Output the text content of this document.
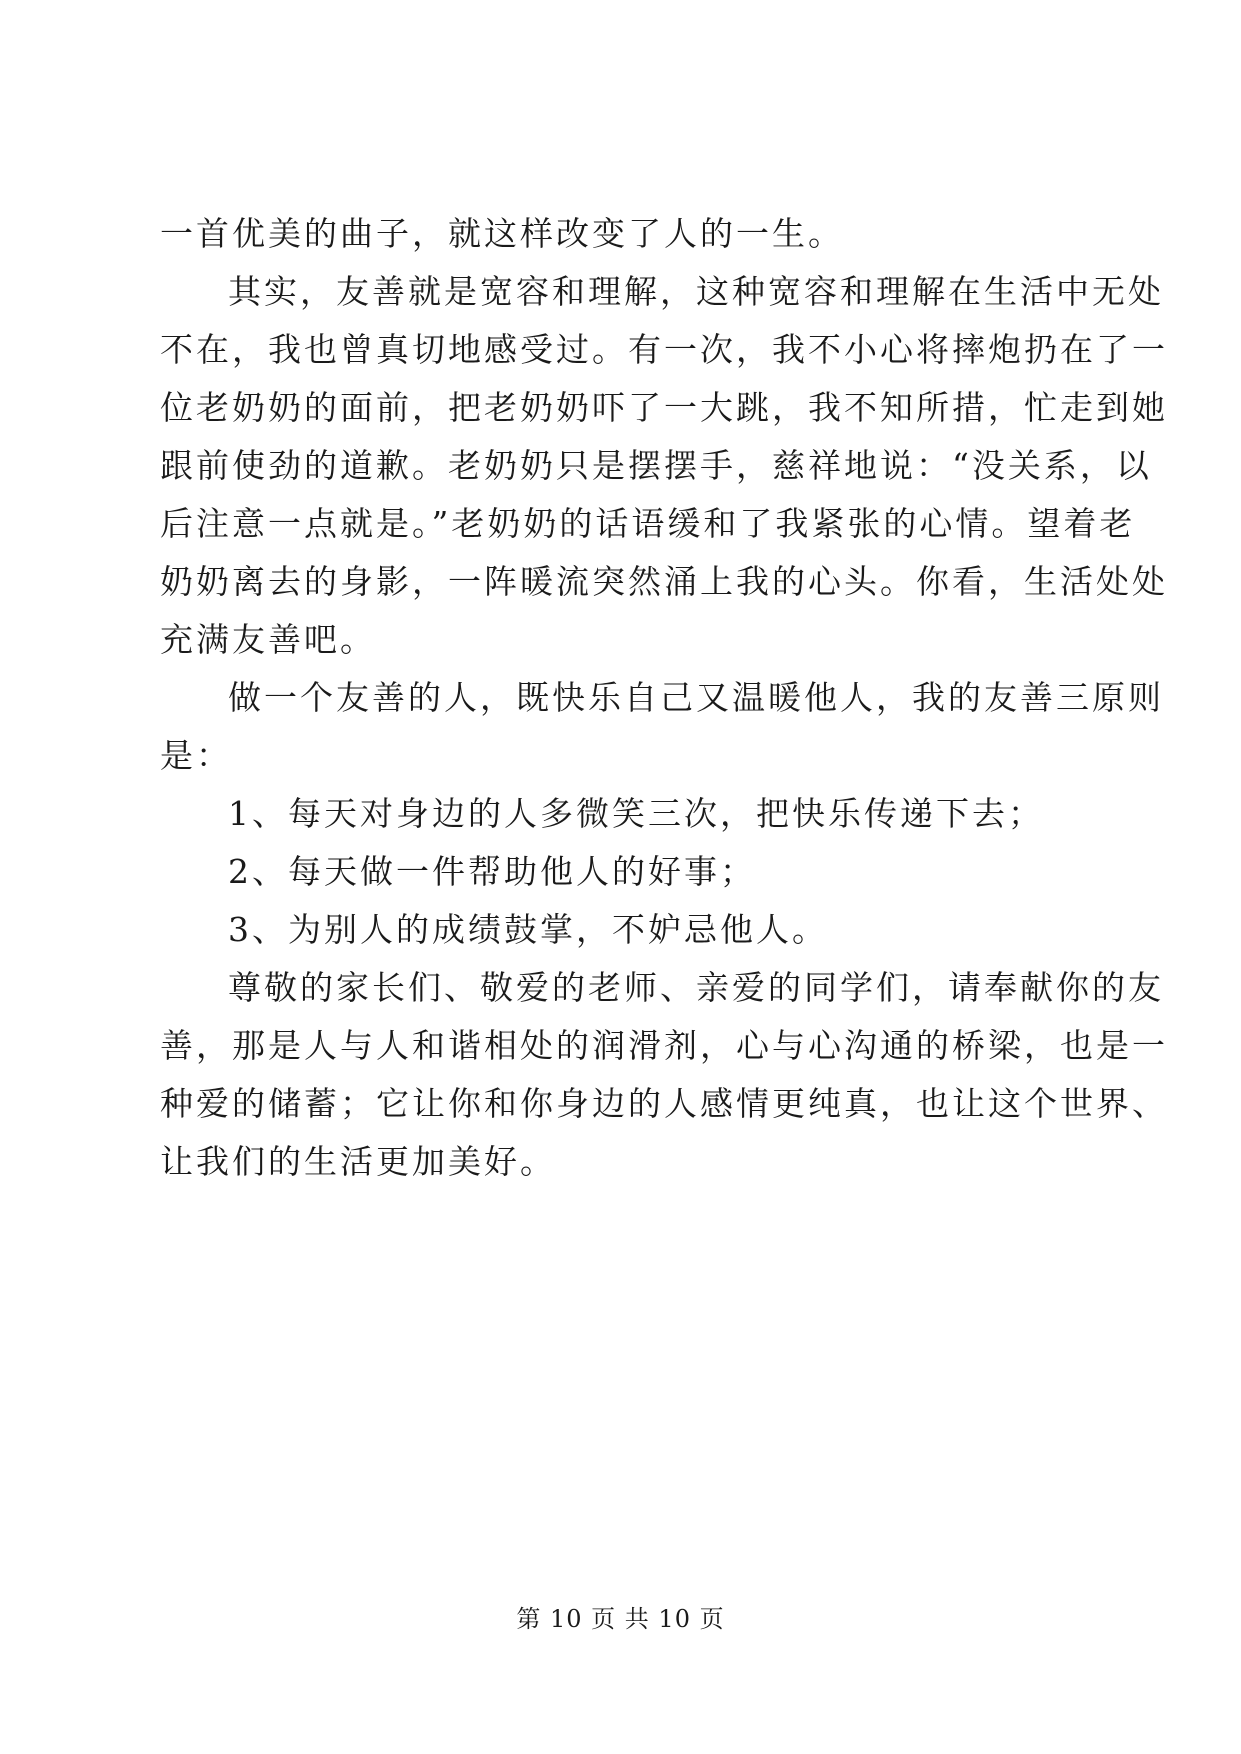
一首优美的曲子，就这样改变了人的一生。
其实，友善就是宽容和理解，这种宽容和理解在生活中无处
不在，我也曾真切地感受过。有一次，我不小心将摔炮扔在了一
位老奶奶的面前，把老奶奶吓了一大跳，我不知所措，忙走到她
跟前使劲的道歉。老奶奶只是摆摆手，慈祥地说：“没关系，以
后注意一点就是。”老奶奶的话语缓和了我紧张的心情。望着老
奶奶离去的身影，一阵暖流突然涌上我的心头。你看，生活处处
充满友善吧。
做一个友善的人，既快乐自己又温暖他人，我的友善三原则
是：
1、每天对身边的人多微笑三次，把快乐传递下去；
2、每天做一件帮助他人的好事；
3、为别人的成绩鼓掌，不妒忌他人。
尊敬的家长们、敬爱的老师、亲爱的同学们，请奉献你的友
善，那是人与人和谐相处的润滑剂，心与心沟通的桥梁，也是一
种爱的储蓄；它让你和你身边的人感情更纯真，也让这个世界、
让我们的生活更加美好。
第 10 页 共 10 页
